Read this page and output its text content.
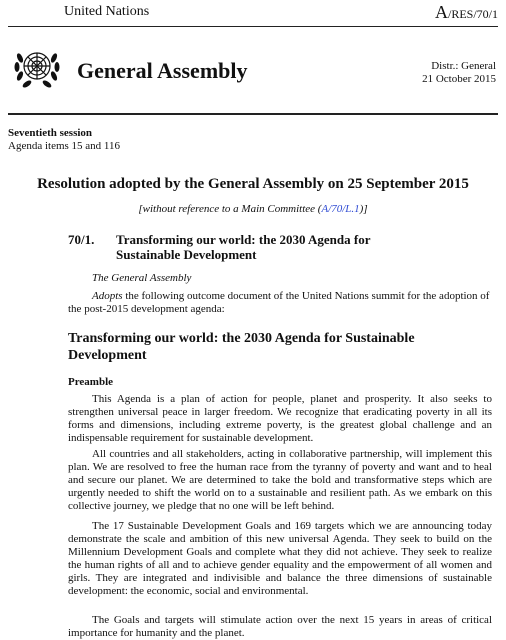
United Nations	A/RES/70/1
General Assembly	Distr.: General
21 October 2015
Seventieth session
Agenda items 15 and 116
Resolution adopted by the General Assembly on 25 September 2015
[without reference to a Main Committee (A/70/L.1)]
70/1. Transforming our world: the 2030 Agenda for Sustainable Development
The General Assembly
Adopts the following outcome document of the United Nations summit for the adoption of the post-2015 development agenda:
Transforming our world: the 2030 Agenda for Sustainable Development
Preamble

This Agenda is a plan of action for people, planet and prosperity. It also seeks to strengthen universal peace in larger freedom. We recognize that eradicating poverty in all its forms and dimensions, including extreme poverty, is the greatest global challenge and an indispensable requirement for sustainable development.

All countries and all stakeholders, acting in collaborative partnership, will implement this plan. We are resolved to free the human race from the tyranny of poverty and want and to heal and secure our planet. We are determined to take the bold and transformative steps which are urgently needed to shift the world on to a sustainable and resilient path. As we embark on this collective journey, we pledge that no one will be left behind.

The 17 Sustainable Development Goals and 169 targets which we are announcing today demonstrate the scale and ambition of this new universal Agenda. They seek to build on the Millennium Development Goals and complete what they did not achieve. They seek to realize the human rights of all and to achieve gender equality and the empowerment of all women and girls. They are integrated and indivisible and balance the three dimensions of sustainable development: the economic, social and environmental.

The Goals and targets will stimulate action over the next 15 years in areas of critical importance for humanity and the planet.
